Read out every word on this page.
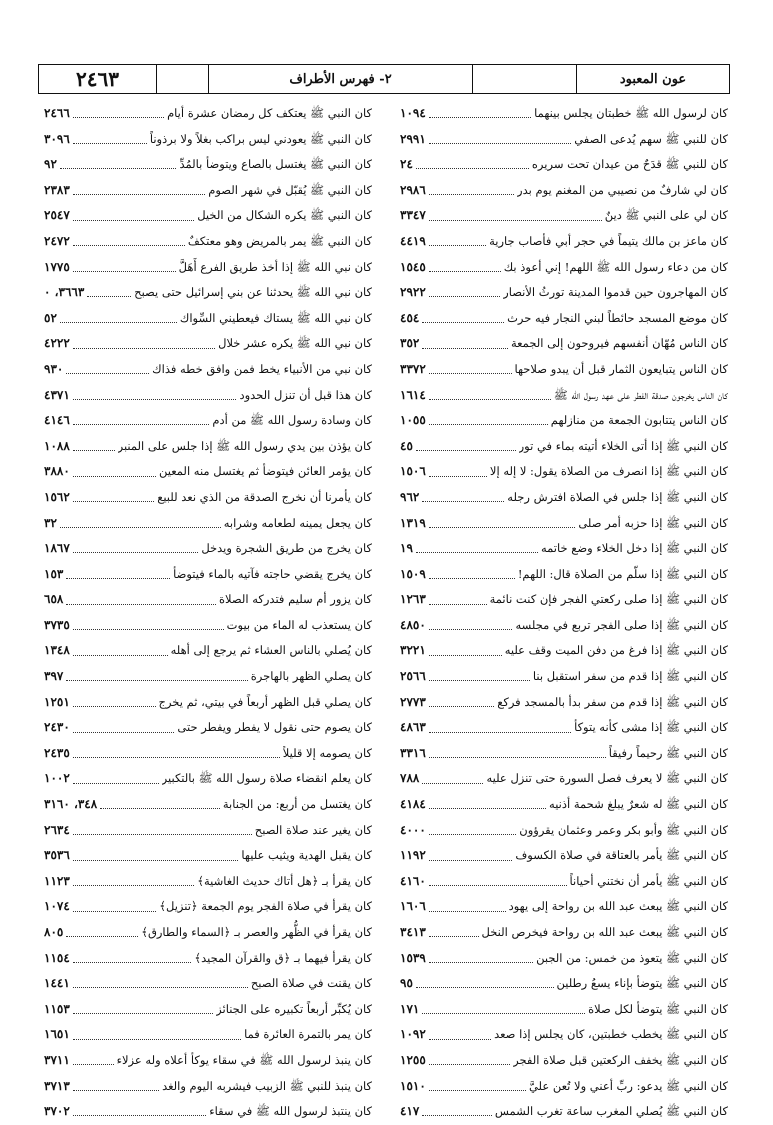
عون المعبود
٢- فهرس الأطراف
٢٤٦٣
كان لرسول الله ﷺ خطبتان يجلس بينهما
١٠٩٤
كان للنبي ﷺ سهم يُدعى الصفي
٢٩٩١
كان للنبي ﷺ قدَحٌ من عيدان تحت سريره
٢٤
كان لي شارفٌ من نصيبي من المغنم يوم بدر
٢٩٨٦
كان لي على النبي ﷺ دينٌ
٣٣٤٧
كان ماعز بن مالك يتيماً في حجر أبي فأصاب جارية
٤٤١٩
كان من دعاء رسول الله ﷺ اللهم! إني أعوذ بك
١٥٤٥
كان المهاجرون حين قدموا المدينة تورثُ الأنصار
٢٩٢٢
كان موضع المسجد حائطاً لبني النجار فيه حرث
٤٥٤
كان الناس مُهّان أنفسهم فيروحون إلى الجمعة
٣٥٢
كان الناس يتبايعون الثمار قبل أن يبدو صلاحها
٣٣٧٢
كان الناس يخرجون صدقة الفطر على عهد رسول الله ﷺ
١٦١٤
كان الناس يتتابون الجمعة من منازلهم
١٠٥٥
كان النبي ﷺ إذا أتى الخلاء أتيته بماء في تور
٤٥
كان النبي ﷺ إذا انصرف من الصلاة يقول: لا إله إلا
١٥٠٦
كان النبي ﷺ إذا جلس في الصلاة افترش رجله
٩٦٢
كان النبي ﷺ إذا حزبه أمر صلى
١٣١٩
كان النبي ﷺ إذا دخل الخلاء وضع خاتمه
١٩
كان النبي ﷺ إذا سلّم من الصلاة قال: اللهم!
١٥٠٩
كان النبي ﷺ إذا صلى ركعتي الفجر فإن كنت نائمة
١٢٦٣
كان النبي ﷺ إذا صلى الفجر تربع في مجلسه
٤٨٥٠
كان النبي ﷺ إذا فرغ من دفن الميت وقف عليه
٣٢٢١
كان النبي ﷺ إذا قدم من سفر استقبل بنا
٢٥٦٦
كان النبي ﷺ إذا قدم من سفر بدأ بالمسجد فركع
٢٧٧٣
كان النبي ﷺ إذا مشى كأنه يتوكأ
٤٨٦٣
كان النبي ﷺ رحيماً رفيقاً
٣٣١٦
كان النبي ﷺ لا يعرف فصل السورة حتى تنزل عليه
٧٨٨
كان النبي ﷺ له شعرٌ يبلغ شحمة أذنيه
٤١٨٤
كان النبي ﷺ وأبو بكر وعمر وعثمان يقرؤون
٤٠٠٠
كان النبي ﷺ يأمر بالعتاقة في صلاة الكسوف
١١٩٢
كان النبي ﷺ يأمر أن نختني أحياناً
٤١٦٠
كان النبي ﷺ يبعث عبد الله بن رواحة إلى يهود
١٦٠٦
كان النبي ﷺ يبعث عبد الله بن رواحة فيخرص النخل
٣٤١٣
كان النبي ﷺ يتعوذ من خمس: من الجبن
١٥٣٩
كان النبي ﷺ يتوضأ بإناء يسعُ رطلين
٩٥
كان النبي ﷺ يتوضأ لكل صلاة
١٧١
كان النبي ﷺ يخطب خطبتين، كان يجلس إذا صعد
١٠٩٢
كان النبي ﷺ يخفف الركعتين قبل صلاة الفجر
١٢٥٥
كان النبي ﷺ يدعو: ربِّ أعني ولا تُعن عليَّ
١٥١٠
كان النبي ﷺ يُصلي المغرب ساعة تغرب الشمس
٤١٧
كان النبي ﷺ يعتكف كل رمضان عشرة أيام
٢٤٦٦
كان النبي ﷺ يعودني ليس براكب بغلاً ولا برذوناً
٣٠٩٦
كان النبي ﷺ يغتسل بالصاع ويتوضأ بالمُدِّ
٩٢
كان النبي ﷺ يُقبّل في شهر الصوم
٢٣٨٣
كان النبي ﷺ يكره الشكال من الخيل
٢٥٤٧
كان النبي ﷺ يمر بالمريض وهو معتكفٌ
٢٤٧٢
كان نبي الله ﷺ إذا أخذ طريق الفرع أَهَلَّ
١٧٧٥
كان نبي الله ﷺ يحدثنا عن بني إسرائيل حتى يصبح
٣٦٦٣، ٠
كان نبي الله ﷺ يستاك فيعطيني السِّواك
٥٢
كان نبي الله ﷺ يكره عشر خلال
٤٢٢٢
كان نبي من الأنبياء يخط فمن وافق خطه فذاك
٩٣٠
كان هذا قبل أن تنزل الحدود
٤٣٧١
كان وسادة رسول الله ﷺ من أدم
٤١٤٦
كان يؤذن بين يدي رسول الله ﷺ إذا جلس على المنبر
١٠٨٨
كان يؤمر العائن فيتوضأ ثم يغتسل منه المعين
٣٨٨٠
كان يأمرنا أن نخرج الصدقة من الذي نعد للبيع
١٥٦٢
كان يجعل يمينه لطعامه وشرابه
٣٢
كان يخرج من طريق الشجرة ويدخل
١٨٦٧
كان يخرج يقضي حاجته فآتيه بالماء فيتوضأ
١٥٣
كان يزور أم سليم فتدركه الصلاة
٦٥٨
كان يستعذب له الماء من بيوت
٣٧٣٥
كان يُصلي بالناس العشاء ثم يرجع إلى أهله
١٣٤٨
كان يصلي الظهر بالهاجرة
٣٩٧
كان يصلي قبل الظهر أربعاً في بيتي، ثم يخرج
١٢٥١
كان يصوم حتى نقول لا يفطر ويفطر حتى
٢٤٣٠
كان يصومه إلا قليلاً
٢٤٣٥
كان يعلم انقضاء صلاة رسول الله ﷺ بالتكبير
١٠٠٢
كان يغتسل من أربع: من الجنابة
٣٤٨، ٣١٦٠
كان يغير عند صلاة الصبح
٢٦٣٤
كان يقبل الهدية ويثيب عليها
٣٥٣٦
كان يقرأ بـ ﴿هل أتاك حديث الغاشية﴾
١١٢٣
كان يقرأ في صلاة الفجر يوم الجمعة ﴿تنزيل﴾
١٠٧٤
كان يقرأ في الظُّهر والعصر بـ ﴿السماء والطارق﴾
٨٠٥
كان يقرأ فيهما بـ ﴿ق والقرآن المجيد﴾
١١٥٤
كان يقنت في صلاة الصبح
١٤٤١
كان يُكبِّر أربعاً تكبيره على الجنائز
١١٥٣
كان يمر بالتمرة العائرة فما
١٦٥١
كان ينبذ لرسول الله ﷺ في سقاء يوكأ أعلاه وله عزلاء
٣٧١١
كان ينبذ للنبي ﷺ الزبيب فيشربه اليوم والغد
٣٧١٣
كان ينتبذ لرسول الله ﷺ في سقاء
٣٧٠٢
